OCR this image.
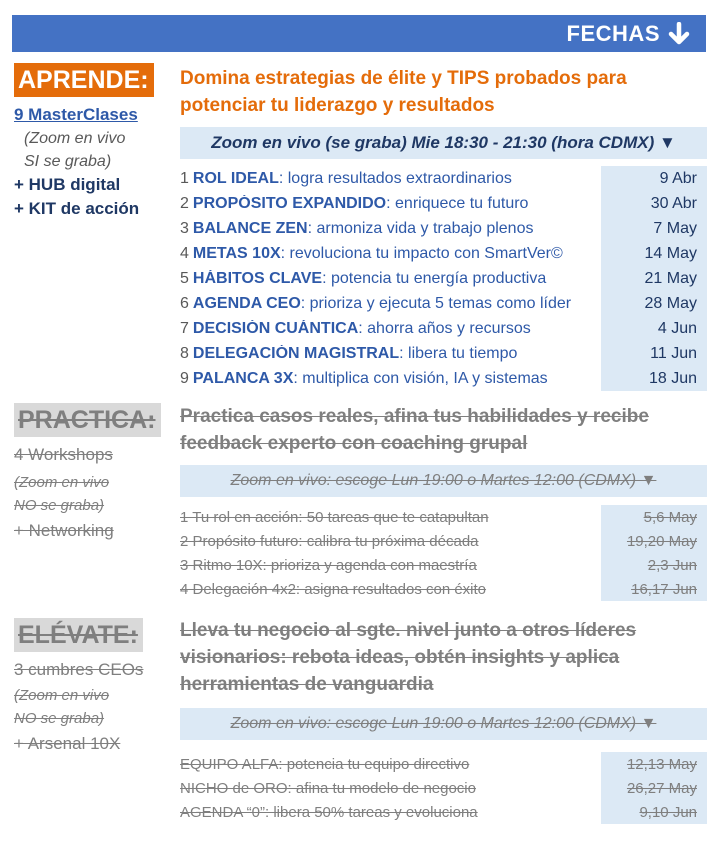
FECHAS
APRENDE:
9 MasterClases
(Zoom en vivo
SI se graba)
+ HUB digital
+ KIT de acción
Domina estrategias de élite y TIPS probados para potenciar tu liderazgo y resultados
Zoom en vivo (se graba) Mie 18:30 - 21:30 (hora CDMX) ▼
1 ROL IDEAL: logra resultados extraordinarios	9 Abr
2 PROPÓSITO EXPANDIDO: enriquece tu futuro	30 Abr
3 BALANCE ZEN: armoniza vida y trabajo plenos	7 May
4 METAS 10X: revoluciona tu impacto con SmartVer©	14 May
5 HÁBITOS CLAVE: potencia tu energía productiva	21 May
6 AGENDA CEO: prioriza y ejecuta 5 temas como líder	28 May
7 DECISIÓN CUÁNTICA: ahorra años y recursos	4 Jun
8 DELEGACIÓN MAGISTRAL: libera tu tiempo	11 Jun
9 PALANCA 3X: multiplica con visión, IA y sistemas	18 Jun
PRACTICA:
4 Workshops
(Zoom en vivo
NO se graba)
+ Networking
Practica casos reales, afina tus habilidades y recibe feedback experto con coaching grupal
Zoom en vivo: escoge Lun 19:00 o Martes 12:00 (CDMX) ▼
1 Tu rol en acción: 50 tareas que te catapultan	5,6 May
2 Propósito futuro: calibra tu próxima década	19,20 May
3 Ritmo 10X: prioriza y agenda con maestría	2,3 Jun
4 Delegación 4x2: asigna resultados con éxito	16,17 Jun
ELÉVATE:
3 cumbres CEOs
(Zoom en vivo
NO se graba)
+ Arsenal 10X
Lleva tu negocio al sgte. nivel junto a otros líderes visionarios: rebota ideas, obtén insights y aplica herramientas de vanguardia
Zoom en vivo: escoge Lun 19:00 o Martes 12:00 (CDMX) ▼
EQUIPO ALFA: potencia tu equipo directivo	12,13 May
NICHO de ORO: afina tu modelo de negocio	26,27 May
AGENDA “0”: libera 50% tareas y evoluciona	9,10 Jun
